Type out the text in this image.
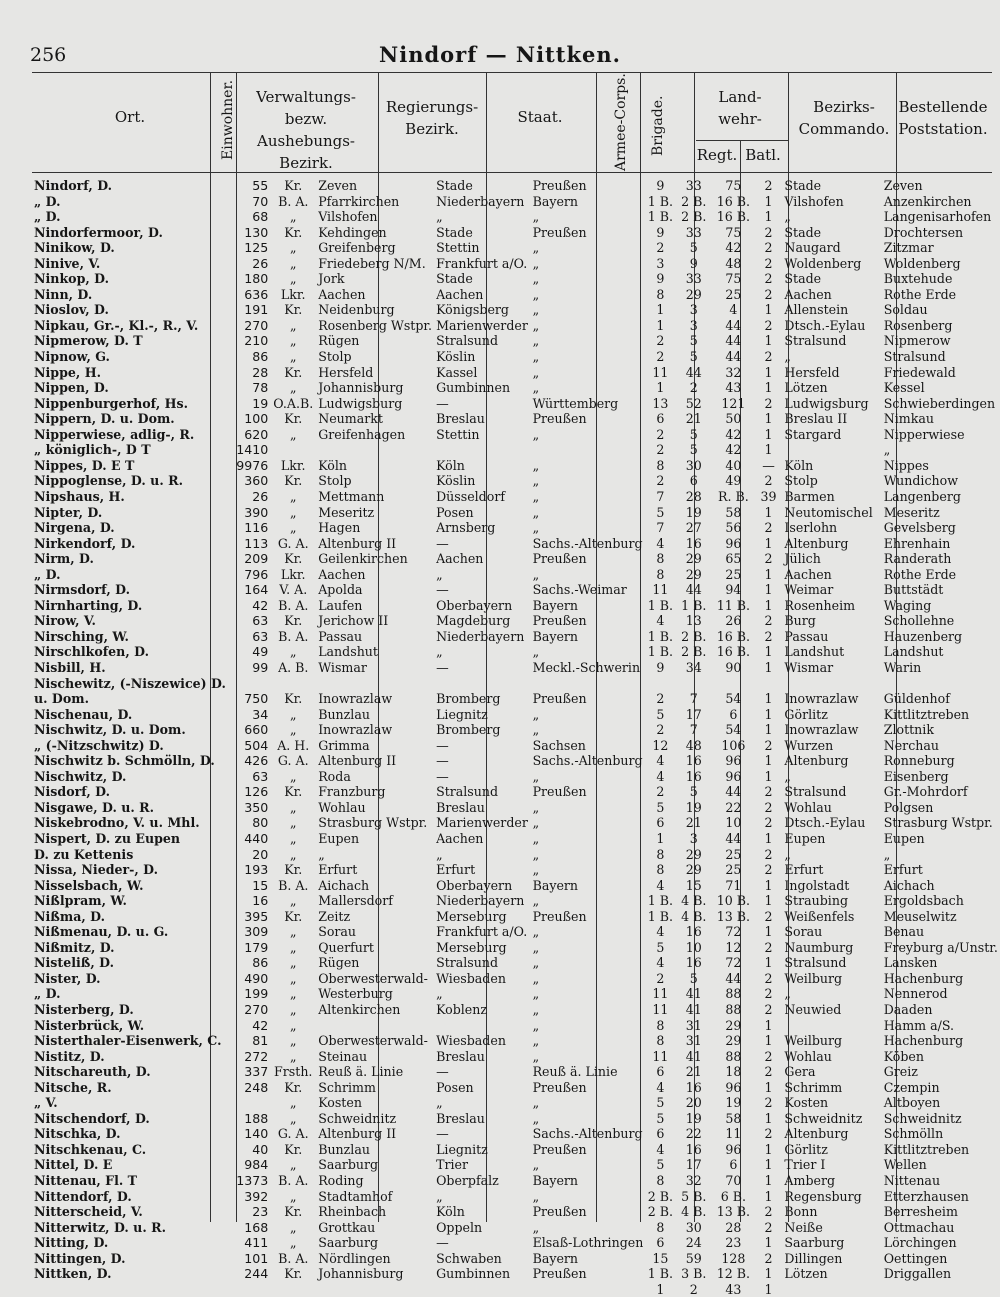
256	Nindorf — Nittken.
Ort.	Einwohner.	Verwaltungs-
bezw. Aushebungs-
Bezirk.
Regierungs-
Bezirk.
Staat.	Armee-Corps. Brigade.	Land-
wehr-
Regt. Batl.
Bezirks-
Commando.
Bestellende
Poststation.
Nindorf, D.	55	Kr.	Zeven	Stade	Preußen	9	33	75	2	Stade	Zeven
„ D.	70	B. A.	Pfarrkirchen	Niederbayern	Bayern	1 B.	2 B.	16 B.	1	Vilshofen	Anzenkirchen
„ D.	68	„	Vilshofen	„	„	1 B.	2 B.	16 B.	1	„	Langenisarhofen
Nindorfermoor, D.	130	Kr.	Kehdingen	Stade	Preußen	9	33	75	2	Stade	Drochtersen
Ninikow, D.	125	„	Greifenberg	Stettin	„	2	5	42	2	Naugard	Zitzmar
Ninive, V.	26	„	Friedeberg N/M.	Frankfurt a/O.	„	3	9	48	2	Woldenberg	Woldenberg
Ninkop, D.	180	„	Jork	Stade	„	9	33	75	2	Stade	Buxtehude
Ninn, D.	636	Lkr.	Aachen	Aachen	„	8	29	25	2	Aachen	Rothe Erde
Nioslov, D.	191	Kr.	Neidenburg	Königsberg	„	1	3	4	1	Allenstein	Soldau
Nipkau, Gr.-, Kl.-, R., V.	270	„	Rosenberg Wstpr.	Marienwerder	„	1	3	44	2	Dtsch.-Eylau	Rosenberg
Nipmerow, D. T	210	„	Rügen	Stralsund	„	2	5	44	1	Stralsund	Nipmerow
Nipnow, G.	86	„	Stolp	Köslin	„	2	5	44	2	„	Stralsund
Nippe, H.	28	Kr.	Hersfeld	Kassel	„	11	44	32	1	Hersfeld	Friedewald
Nippen, D.	78	„	Johannisburg	Gumbinnen	„	1	2	43	1	Lötzen	Kessel
Nippenburgerhof, Hs.	19	O.A.B.	Ludwigsburg	—	Württemberg	13	52	121	2	Ludwigsburg	Schwieberdingen
Nippern, D. u. Dom.	100	Kr.	Neumarkt	Breslau	Preußen	6	21	50	1	Breslau II	Nimkau
Nipperwiese, adlig-, R.	620	„	Greifenhagen	Stettin	„	2	5	42	1	Stargard	Nipperwiese
„ königlich-, D T	1410					2	5	42	1		„
Nippes, D. E T	9976	Lkr.	Köln	Köln	„	8	30	40	—	Köln	Nippes
Nippoglense, D. u. R.	360	Kr.	Stolp	Köslin	„	2	6	49	2	Stolp	Wundichow
Nipshaus, H.	26	„	Mettmann	Düsseldorf	„	7	28	R. B.	39	Barmen	Langenberg
Nipter, D.	390	„	Meseritz	Posen	„	5	19	58	1	Neutomischel	Meseritz
Nirgena, D.	116	„	Hagen	Arnsberg	„	7	27	56	2	Iserlohn	Gevelsberg
Nirkendorf, D.	113	G. A.	Altenburg II	—	Sachs.-Altenburg	4	16	96	1	Altenburg	Ehrenhain
Nirm, D.	209	Kr.	Geilenkirchen	Aachen	Preußen	8	29	65	2	Jülich	Randerath
„ D.	796	Lkr.	Aachen	„	„	8	29	25	1	Aachen	Rothe Erde
Nirmsdorf, D.	164	V. A.	Apolda	—	Sachs.-Weimar	11	44	94	1	Weimar	Buttstädt
Nirnharting, D.	42	B. A.	Laufen	Oberbayern	Bayern	1 B.	1 B.	11 B.	1	Rosenheim	Waging
Nirow, V.	63	Kr.	Jerichow II	Magdeburg	Preußen	4	13	26	2	Burg	Schollehne
Nirsching, W.	63	B. A.	Passau	Niederbayern	Bayern	1 B.	2 B.	16 B.	2	Passau	Hauzenberg
Nirschlkofen, D.	49	„	Landshut	„	„	1 B.	2 B.	16 B.	1	Landshut	Landshut
Nisbill, H.	99	A. B.	Wismar	—	Meckl.-Schwerin	9	34	90	1	Wismar	Warin
Nischewitz, (-Niszewice) D.											
u. Dom.	750	Kr.	Inowrazlaw	Bromberg	Preußen	2	7	54	1	Inowrazlaw	Güldenhof
Nischenau, D.	34	„	Bunzlau	Liegnitz	„	5	17	6	1	Görlitz	Kittlitztreben
Nischwitz, D. u. Dom.	660	„	Inowrazlaw	Bromberg	„	2	7	54	1	Inowrazlaw	Zlottnik
„ (-Nitzschwitz) D.	504	A. H.	Grimma	—	Sachsen	12	48	106	2	Wurzen	Nerchau
Nischwitz b. Schmölln, D.	426	G. A.	Altenburg II	—	Sachs.-Altenburg	4	16	96	1	Altenburg	Ronneburg
Nischwitz, D.	63	„	Roda	—	„	4	16	96	1	„	Eisenberg
Nisdorf, D.	126	Kr.	Franzburg	Stralsund	Preußen	2	5	44	2	Stralsund	Gr.-Mohrdorf
Nisgawe, D. u. R.	350	„	Wohlau	Breslau	„	5	19	22	2	Wohlau	Polgsen
Niskebrodno, V. u. Mhl.	80	„	Strasburg Wstpr.	Marienwerder	„	6	21	10	2	Dtsch.-Eylau	Strasburg Wstpr.
Nispert, D. zu Eupen	440	„	Eupen	Aachen	„	1	3	44	1	Eupen	Eupen
D. zu Kettenis	20	„	„	„	„	8	29	25	2	„	„
Nissa, Nieder-, D.	193	Kr.	Erfurt	Erfurt	„	8	29	25	2	Erfurt	Erfurt
Nisselsbach, W.	15	B. A.	Aichach	Oberbayern	Bayern	4	15	71	1	Ingolstadt	Aichach
Nißlpram, W.	16	„	Mallersdorf	Niederbayern	„	1 B.	4 B.	10 B.	1	Straubing	Ergoldsbach
Nißma, D.	395	Kr.	Zeitz	Merseburg	Preußen	1 B.	4 B.	13 B.	2	Weißenfels	Meuselwitz
Nißmenau, D. u. G.	309	„	Sorau	Frankfurt a/O.	„	4	16	72	1	Sorau	Benau
Nißmitz, D.	179	„	Querfurt	Merseburg	„	5	10	12	2	Naumburg	Freyburg a/Unstr.
Nisteliß, D.	86	„	Rügen	Stralsund	„	4	16	72	1	Stralsund	Lansken
Nister, D.	490	„	Oberwesterwald-	Wiesbaden	„	2	5	44	2	Weilburg	Hachenburg
„ D.	199	„	Westerburg	„	„	11	41	88	2	„	Nennerod
Nisterberg, D.	270	„	Altenkirchen	Koblenz	„	11	41	88	2	Neuwied	Daaden
Nisterbrück, W.	42	„			„	8	31	29	1		Hamm a/S.
Nisterthaler-Eisenwerk, C.	81	„	Oberwesterwald-	Wiesbaden	„	8	31	29	1	Weilburg	Hachenburg
Nistitz, D.	272	„	Steinau	Breslau	„	11	41	88	2	Wohlau	Köben
Nitschareuth, D.	337	Frsth.	Reuß ä. Linie	—	Reuß ä. Linie	6	21	18	2	Gera	Greiz
Nitsche, R.	248	Kr.	Schrimm	Posen	Preußen	4	16	96	1	Schrimm	Czempin
„ V.		„	Kosten	„	„	5	20	19	2	Kosten	Altboyen
Nitschendorf, D.	188	„	Schweidnitz	Breslau	„	5	19	58	1	Schweidnitz	Schweidnitz
Nitschka, D.	140	G. A.	Altenburg II	—	Sachs.-Altenburg	6	22	11	2	Altenburg	Schmölln
Nitschkenau, C.	40	Kr.	Bunzlau	Liegnitz	Preußen	4	16	96	1	Görlitz	Kittlitztreben
Nittel, D. E	984	„	Saarburg	Trier	„	5	17	6	1	Trier I	Wellen
Nittenau, Fl. T	1373	B. A.	Roding	Oberpfalz	Bayern	8	32	70	1	Amberg	Nittenau
Nittendorf, D.	392	„	Stadtamhof	„	„	2 B.	5 B.	6 B.	1	Regensburg	Etterzhausen
Nitterscheid, V.	23	Kr.	Rheinbach	Köln	Preußen	2 B.	4 B.	13 B.	2	Bonn	Berresheim
Nitterwitz, D. u. R.	168	„	Grottkau	Oppeln	„	8	30	28	2	Neiße	Ottmachau
Nitting, D.	411	„	Saarburg	—	Elsaß-Lothringen	6	24	23	1	Saarburg	Lörchingen
Nittingen, D.	101	B. A.	Nördlingen	Schwaben	Bayern	15	59	128	2	Dillingen	Oettingen
Nittken, D.	244	Kr.	Johannisburg	Gumbinnen	Preußen	1 B.	3 B.	12 B.	1	Lötzen	Driggallen
						1	2	43	1		
